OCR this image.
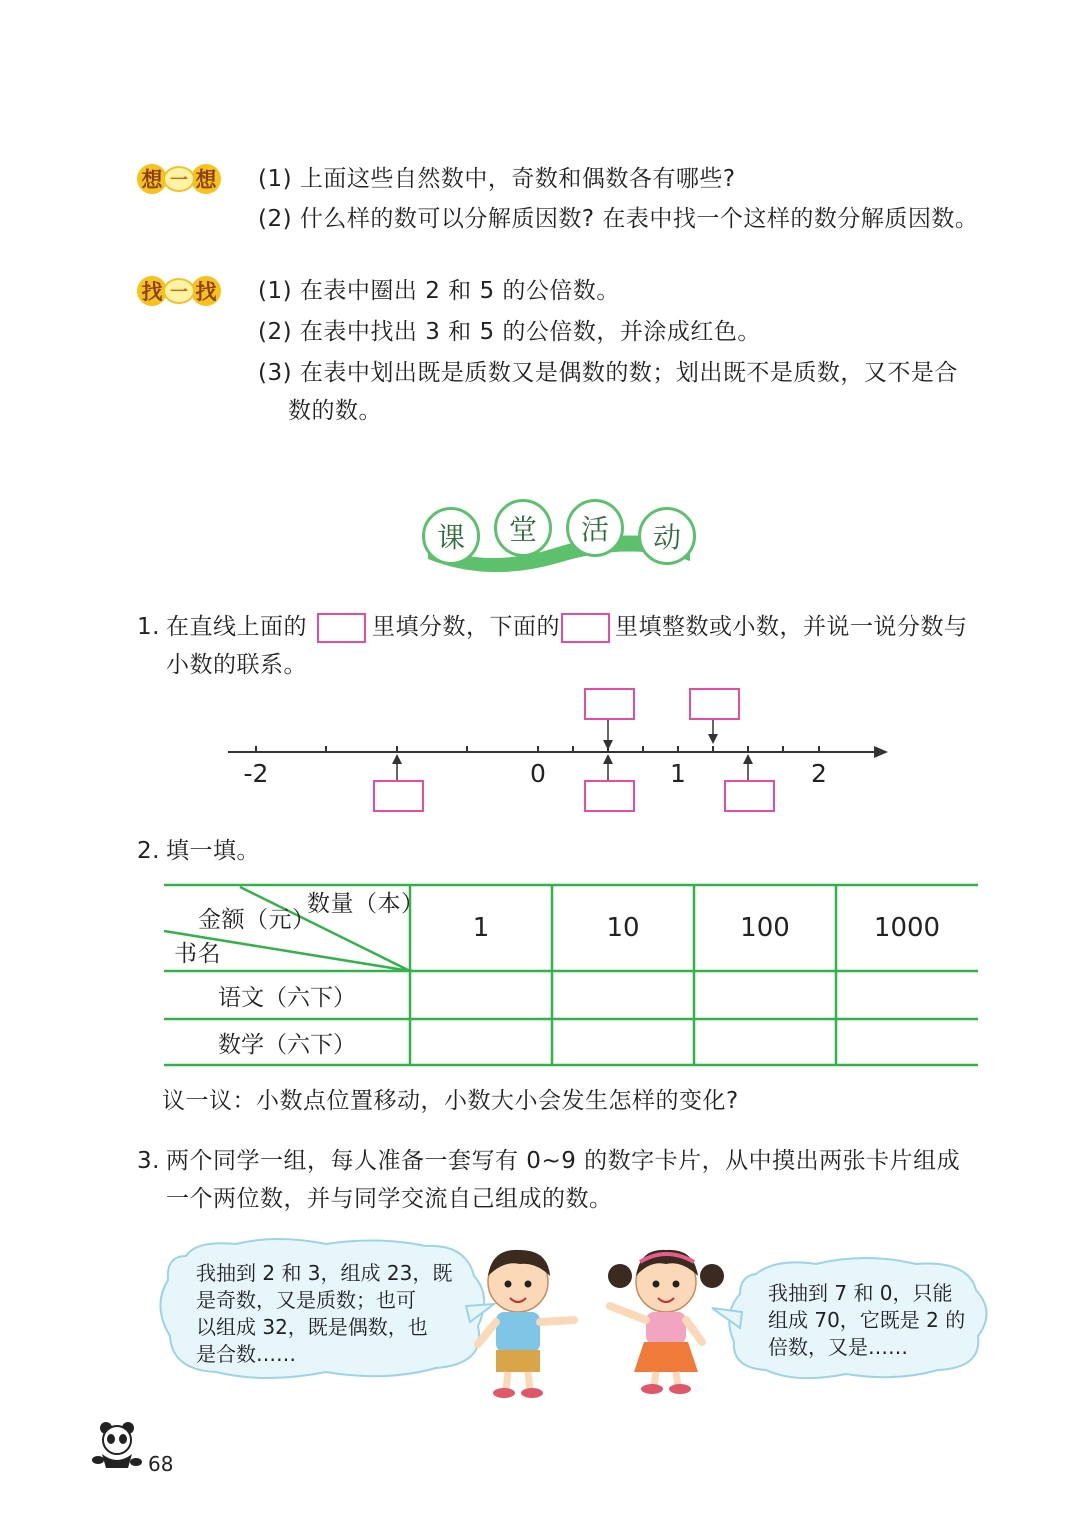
想 一 想 (1) 上面这些自然数中，奇数和偶数各有哪些?
(2) 什么样的数可以分解质因数? 在表中找一个这样的数分解质因数。
找 一 找 (1) 在表中圈出 2 和 5 的公倍数。
(2) 在表中找出 3 和 5 的公倍数，并涂成红色。
(3) 在表中划出既是质数又是偶数的数；划出既不是质数，又不是合
数的数。
课	堂	活	动
1. 在直线上面的	里填分数，下面的 里填整数或小数，并说一说分数与
小数的联系。
-2	0	1	2
2. 填一填。
数量（本）
金额（元）
书名
1	10	100	1000
语文（六下）
数学（六下）
议一议：小数点位置移动，小数大小会发生怎样的变化?
3. 两个同学一组，每人准备一套写有 0~9 的数字卡片，从中摸出两张卡片组成
一个两位数，并与同学交流自己组成的数。
我抽到 2 和 3，组成 23，既
是奇数，又是质数；也可
以组成 32，既是偶数，也
是合数……
我抽到 7 和 0，只能
组成 70，它既是 2 的
倍数，又是……
68
